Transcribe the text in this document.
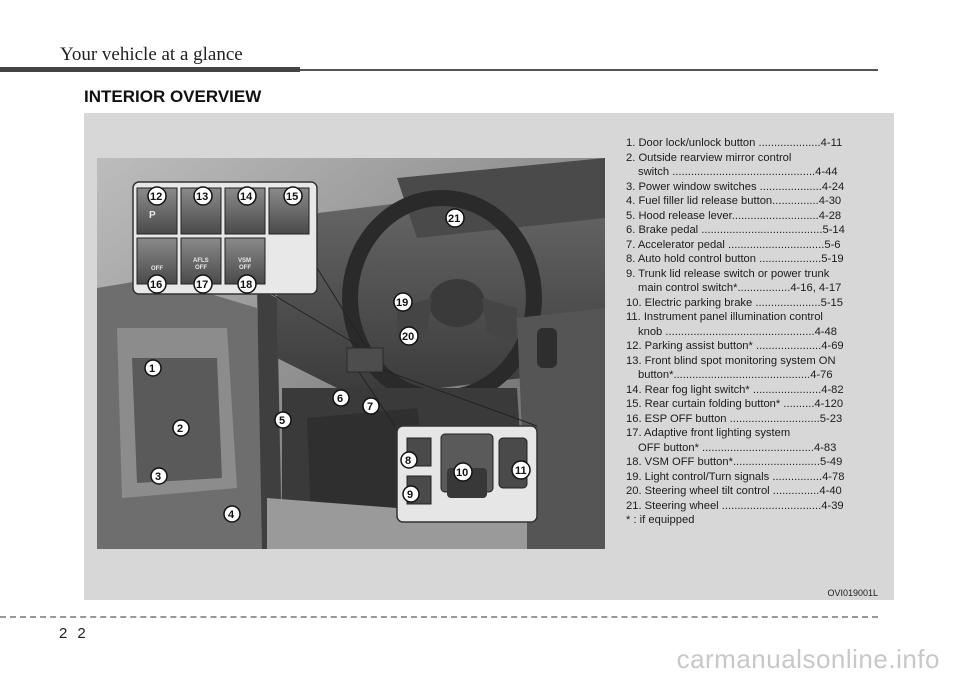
Your vehicle at a glance
INTERIOR OVERVIEW
P
OFF
AFLS
OFF
VSM
OFF
1
2
3
4
5
6
7
8
9
10	11
12	13	14	15
16	17	18
19
20
21
1. Door lock/unlock button ....................4-11
2. Outside rearview mirror control
switch ..............................................4-44
3. Power window switches ....................4-24
4. Fuel filler lid release button...............4-30
5. Hood release lever............................4-28
6. Brake pedal .......................................5-14
7. Accelerator pedal ...............................5-6
8. Auto hold control button ....................5-19
9. Trunk lid release switch or power trunk
main control switch*.................4-16, 4-17
10. Electric parking brake .....................5-15
11. Instrument panel illumination control
knob ................................................4-48
12. Parking assist button* .....................4-69
13. Front blind spot monitoring system ON
button*............................................4-76
14. Rear fog light switch* ......................4-82
15. Rear curtain folding button* ..........4-120
16. ESP OFF button .............................5-23
17. Adaptive front lighting system
OFF button* ....................................4-83
18. VSM OFF button*............................5-49
19. Light control/Turn signals ................4-78
20. Steering wheel tilt control ...............4-40
21. Steering wheel ................................4-39
* : if equipped
OVI019001L
22
carmanualsonline.info
